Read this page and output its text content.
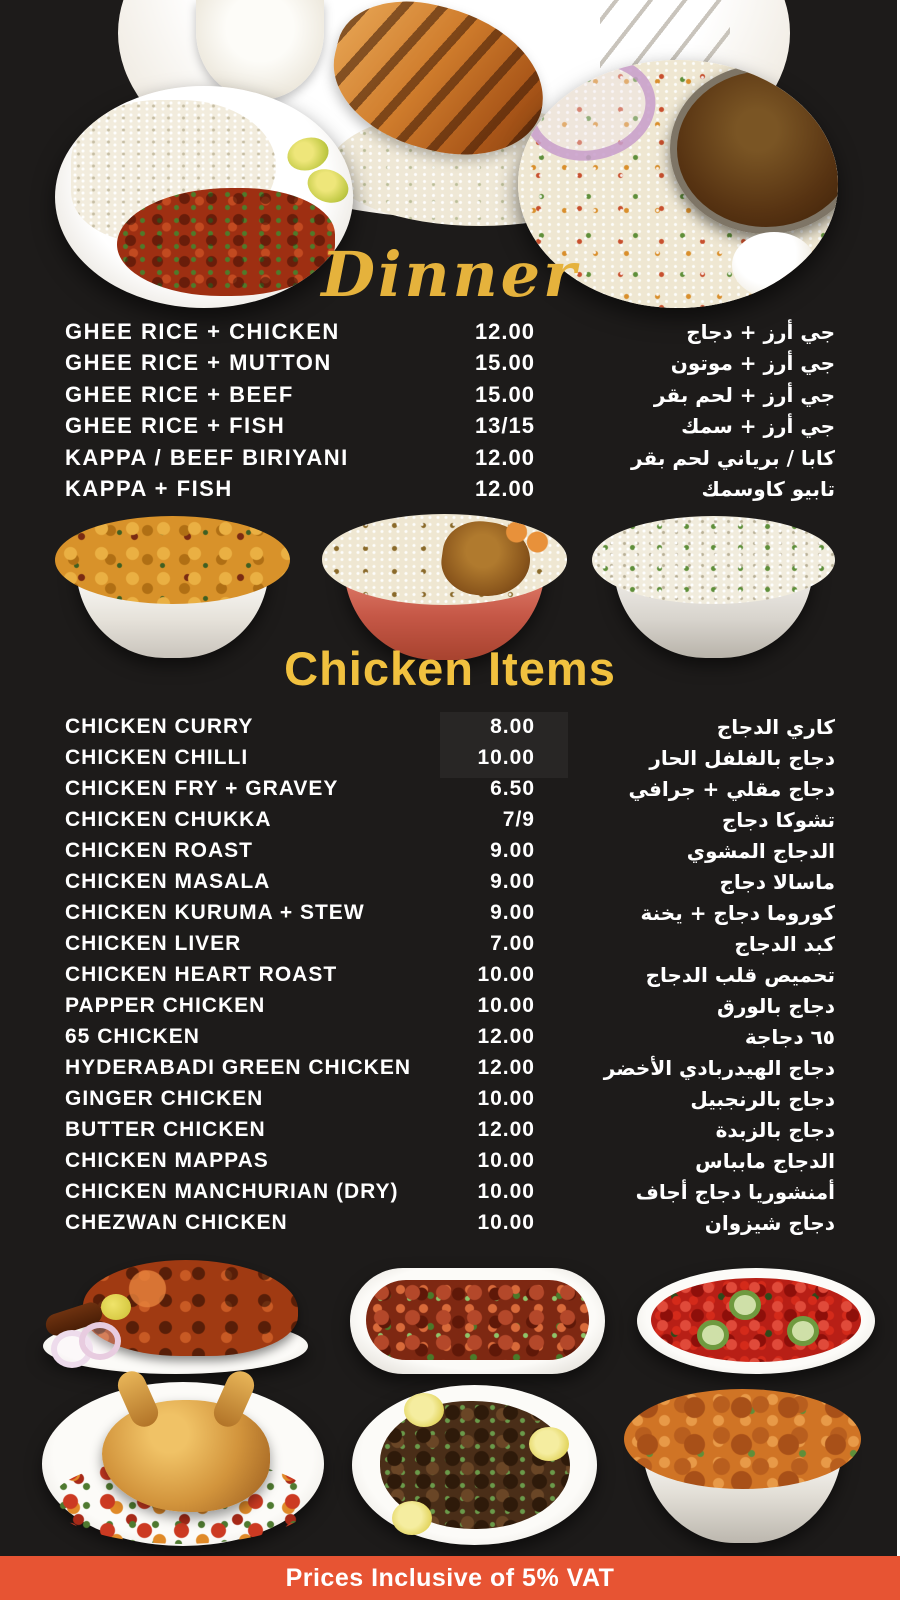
Dinner
GHEE RICE + CHICKEN	12.00	جي أرز + دجاج
GHEE RICE + MUTTON	15.00	جي أرز + موتون
GHEE RICE + BEEF	15.00	جي أرز + لحم بقر
GHEE RICE + FISH	13/15	جي أرز + سمك
KAPPA / BEEF BIRIYANI	12.00	كابا / برياني لحم بقر
KAPPA + FISH	12.00	تابيو كاوسمك
Chicken Items
CHICKEN CURRY	8.00	كاري الدجاج
CHICKEN CHILLI	10.00	دجاج بالفلفل الحار
CHICKEN FRY + GRAVEY	6.50	دجاج مقلي + جرافي
CHICKEN CHUKKA	7/9	تشوكا دجاج
CHICKEN ROAST	9.00	الدجاج المشوي
CHICKEN MASALA	9.00	ماسالا دجاج
CHICKEN KURUMA + STEW	9.00	كوروما دجاج + يخنة
CHICKEN LIVER	7.00	كبد الدجاج
CHICKEN HEART ROAST	10.00	تحميص قلب الدجاج
PAPPER CHICKEN	10.00	دجاج بالورق
65 CHICKEN	12.00	٦٥ دجاجة
HYDERABADI GREEN CHICKEN	12.00	دجاج الهيدربادي الأخضر
GINGER CHICKEN	10.00	دجاج بالرنجبيل
BUTTER CHICKEN	12.00	دجاج بالزبدة
CHICKEN MAPPAS	10.00	الدجاج مابباس
CHICKEN MANCHURIAN (DRY)	10.00	أمنشوريا دجاج أجاف
CHEZWAN CHICKEN	10.00	دجاج شيزوان
Prices Inclusive of 5% VAT
